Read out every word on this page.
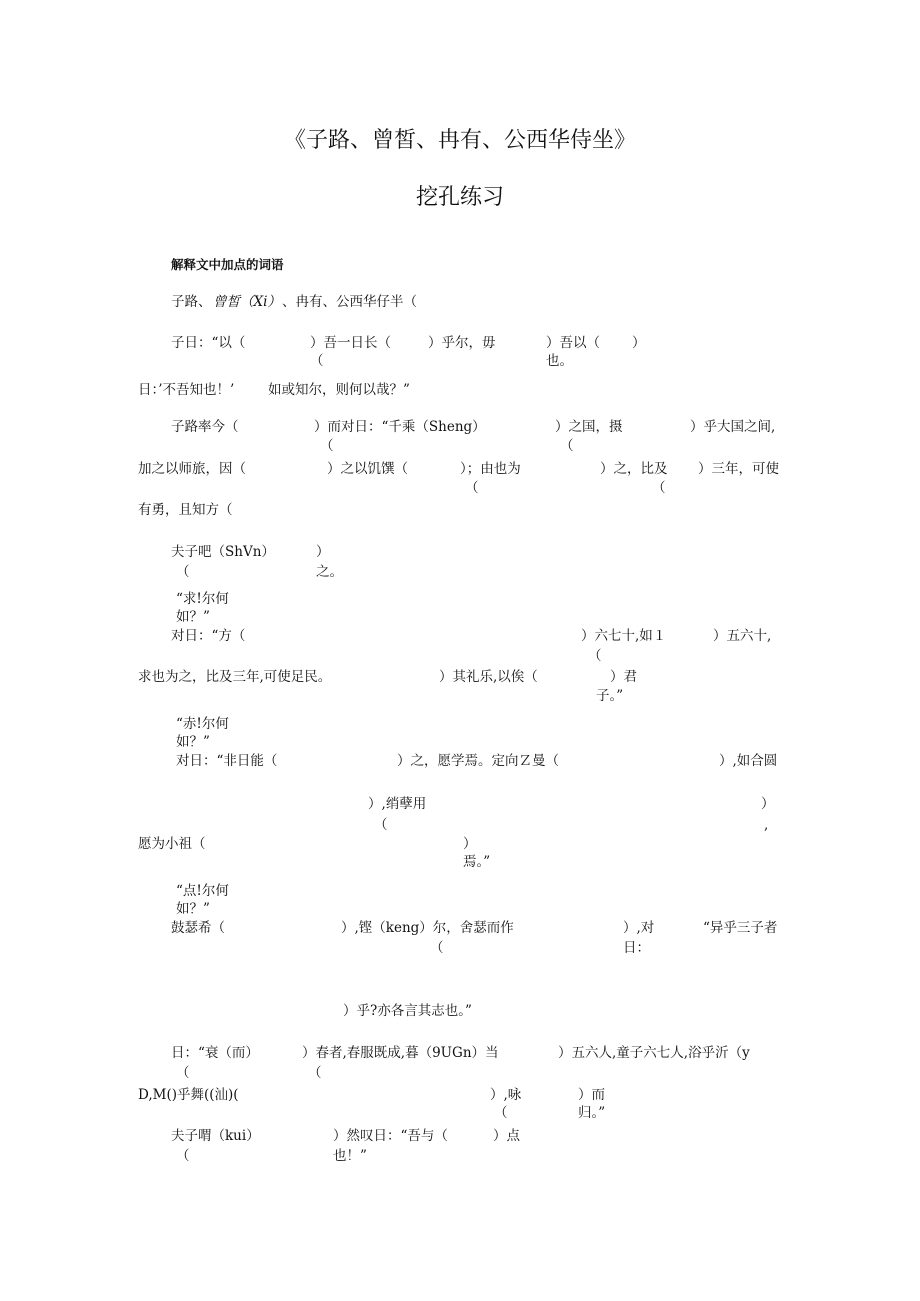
《子路、曾皙、冉有、公西华侍坐》
挖孔练习
解释文中加点的词语
子路、 曾皙（Xi） 、冉有、公西华仔半（
子日：“以（	）吾一日长（	）乎尔，毋	）吾以（ ）
（	也。
日：’不吾知也！’ 如或知尔，则何以哉？”
子路率今（	）而对日：“千乘（Sheng）	）之国，摄	）乎大国之间,
（	（
加之以师旅，因（	）之以饥馔（	）；由也为	）之，比及 ）三年，可使
（	（
有勇，且知方（
夫子吧（ShVn）	）
（	之。
“求!尔何
如？”
对日：“方（	）六七十,如１	）五六十,
（
求也为之，比及三年,可使足民。	）其礼乐,以俟（	）君
子。”
“赤!尔何
如？”
对日：“非日能（	）之，愿学焉。定向Ｚ曼（	）,如合圆
）,绡孽用	）
（	,
愿为小祖（	）
焉。”
“点!尔何
如？”
鼓瑟希（	）,铿（keng）尔，舍瑟而作	）,对	“异乎三子者
（	日：
）乎?亦各言其志也。”
日：“衰（而）	）春者,春服既成,暮（9UGn）当	）五六人,童子六七人,浴乎沂（y
（	（
D,M()乎舞((汕)(	）,咏	）而
（	归。”
夫子喟（kui）	）然叹日：“吾与（	）点
（	也！”
